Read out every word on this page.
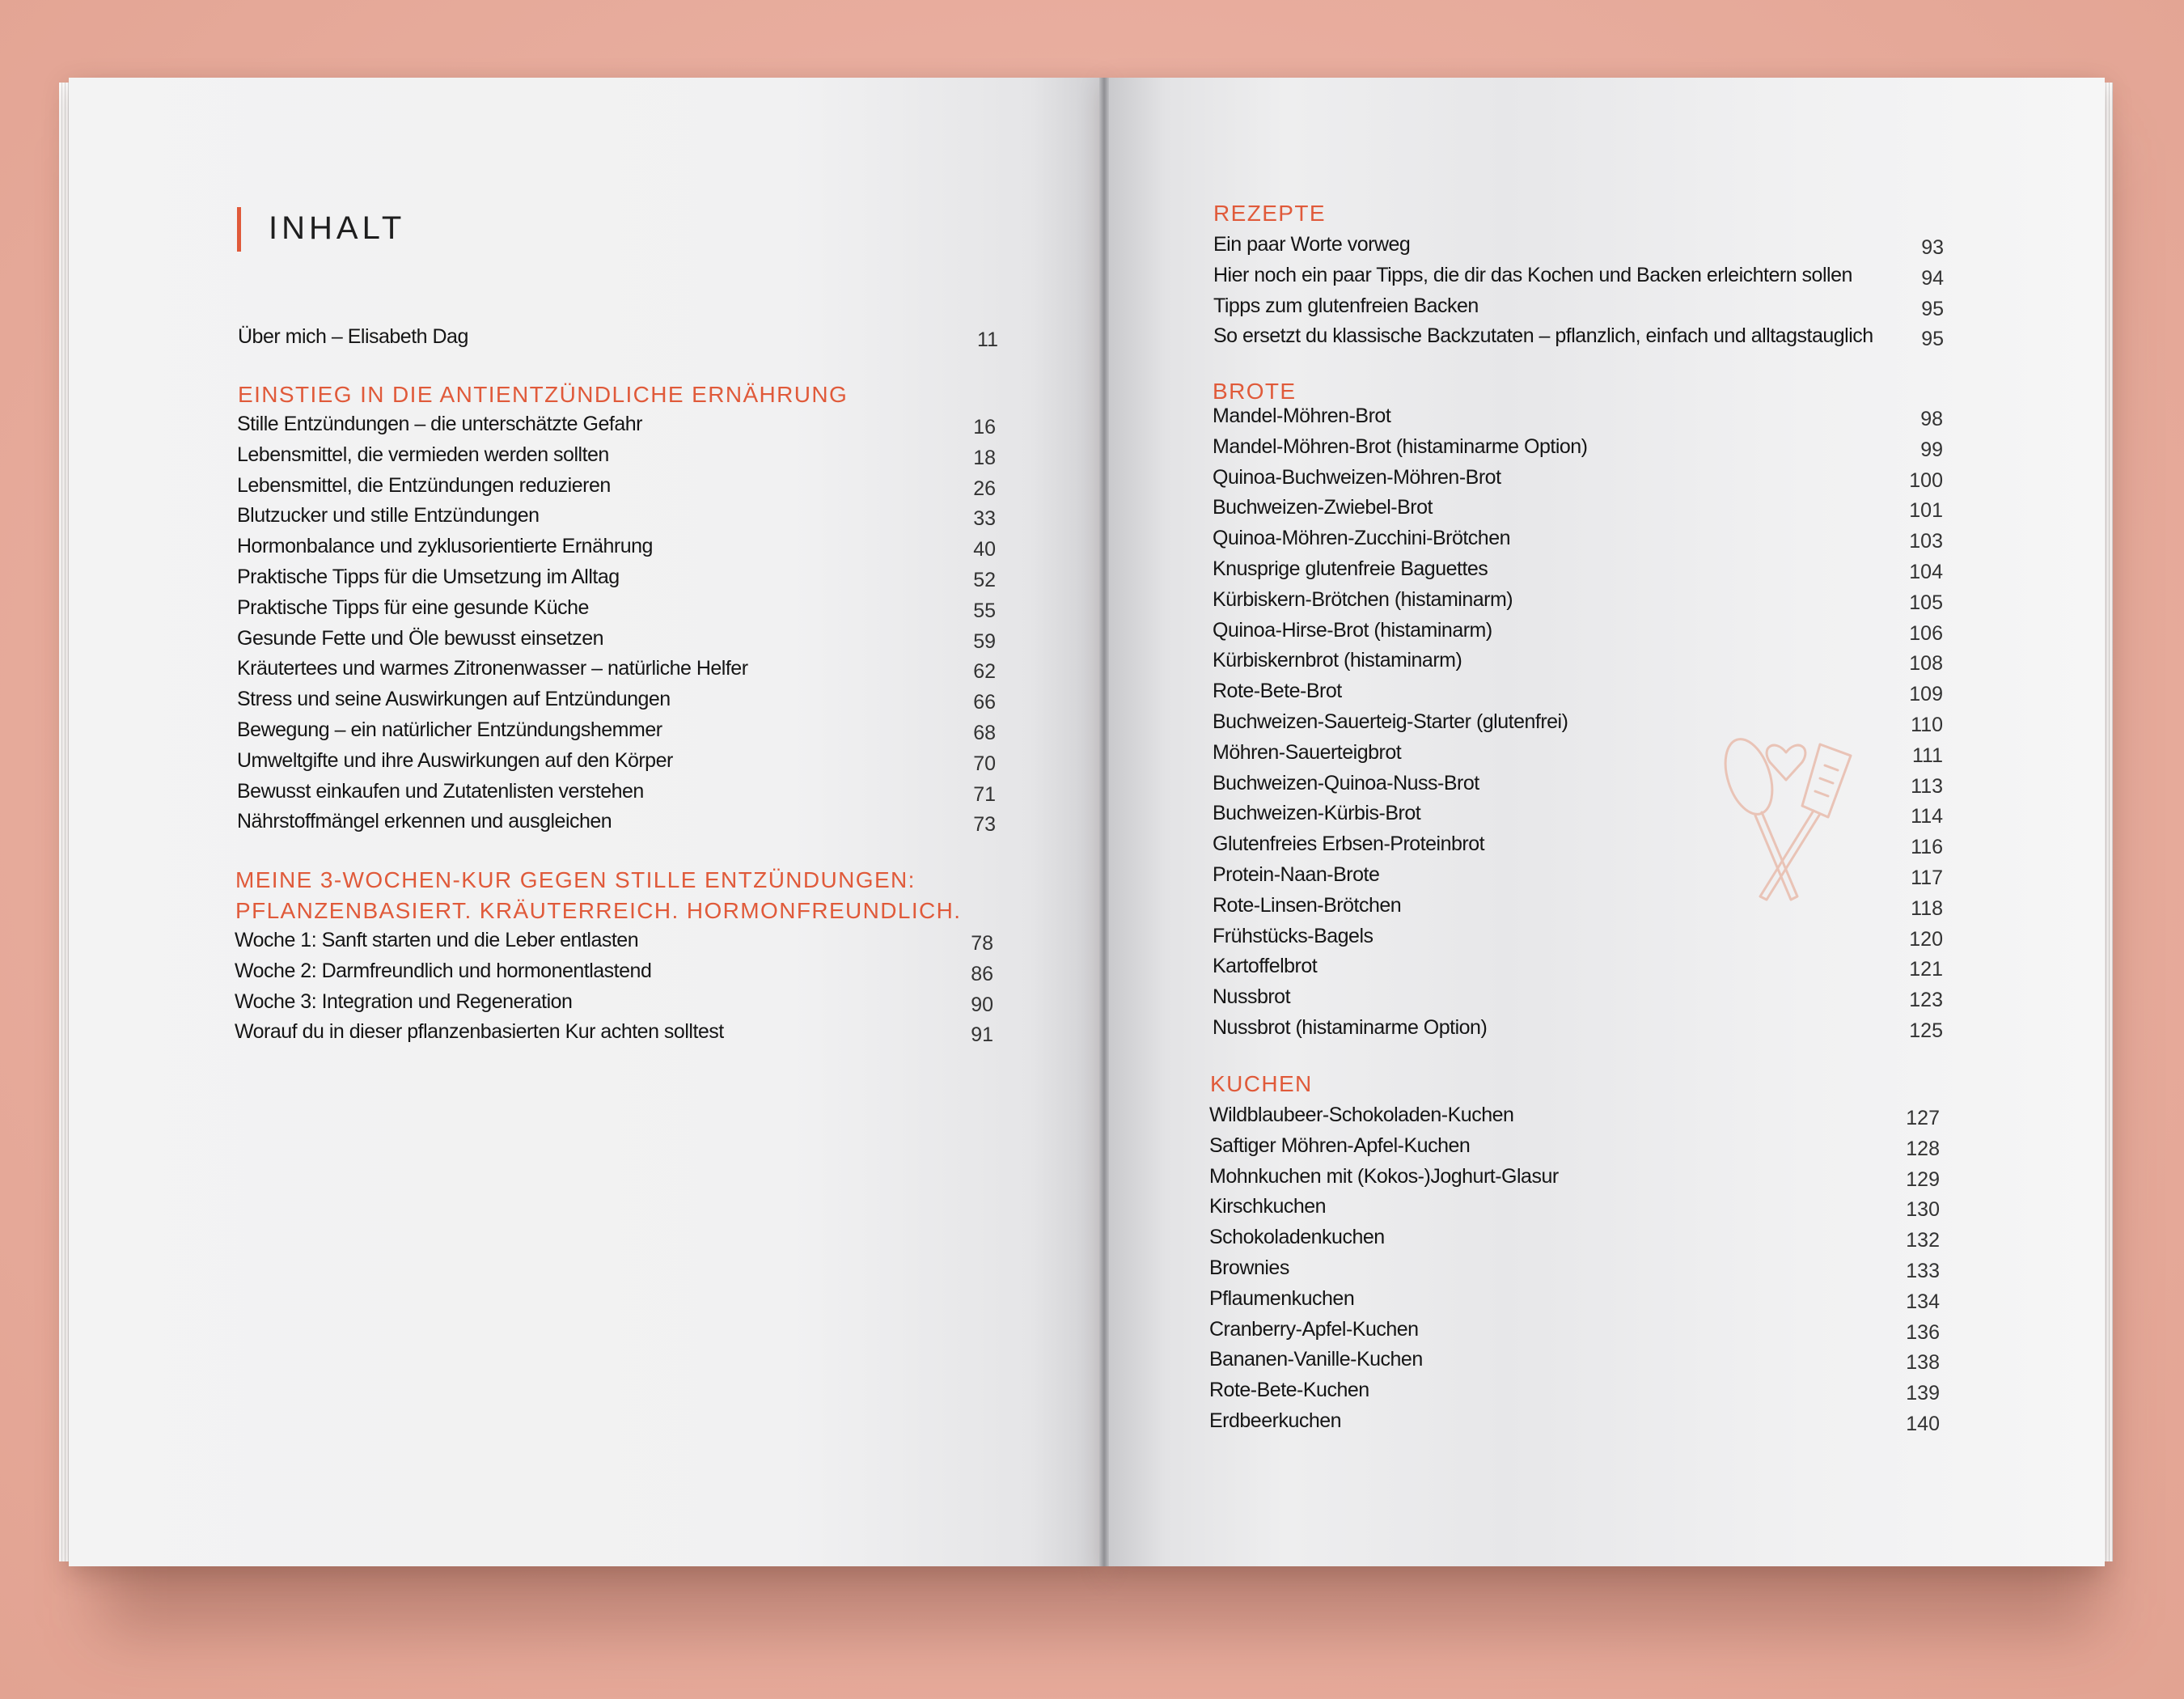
INHALT
Über mich – Elisabeth Dag	11
EINSTIEG IN DIE ANTIENTZÜNDLICHE ERNÄHRUNG
Stille Entzündungen – die unterschätzte Gefahr	16
Lebensmittel, die vermieden werden sollten	18
Lebensmittel, die Entzündungen reduzieren	26
Blutzucker und stille Entzündungen	33
Hormonbalance und zyklusorientierte Ernährung	40
Praktische Tipps für die Umsetzung im Alltag	52
Praktische Tipps für eine gesunde Küche	55
Gesunde Fette und Öle bewusst einsetzen	59
Kräutertees und warmes Zitronenwasser – natürliche Helfer	62
Stress und seine Auswirkungen auf Entzündungen	66
Bewegung – ein natürlicher Entzündungshemmer	68
Umweltgifte und ihre Auswirkungen auf den Körper	70
Bewusst einkaufen und Zutatenlisten verstehen	71
Nährstoffmängel erkennen und ausgleichen	73
MEINE 3-WOCHEN-KUR GEGEN STILLE ENTZÜNDUNGEN:
PFLANZENBASIERT. KRÄUTERREICH. HORMONFREUNDLICH.
Woche 1: Sanft starten und die Leber entlasten	78
Woche 2: Darmfreundlich und hormonentlastend	86
Woche 3: Integration und Regeneration	90
Worauf du in dieser pflanzenbasierten Kur achten solltest	91
REZEPTE
Ein paar Worte vorweg	93
Hier noch ein paar Tipps, die dir das Kochen und Backen erleichtern sollen	94
Tipps zum glutenfreien Backen	95
So ersetzt du klassische Backzutaten – pflanzlich, einfach und alltagstauglich 95
BROTE
Mandel-Möhren-Brot	98
Mandel-Möhren-Brot (histaminarme Option)	99
Quinoa-Buchweizen-Möhren-Brot	100
Buchweizen-Zwiebel-Brot	101
Quinoa-Möhren-Zucchini-Brötchen	103
Knusprige glutenfreie Baguettes	104
Kürbiskern-Brötchen (histaminarm)	105
Quinoa-Hirse-Brot (histaminarm)	106
Kürbiskernbrot (histaminarm)	108
Rote-Bete-Brot	109
Buchweizen-Sauerteig-Starter (glutenfrei)	110
Möhren-Sauerteigbrot	111
Buchweizen-Quinoa-Nuss-Brot	113
Buchweizen-Kürbis-Brot	114
Glutenfreies Erbsen-Proteinbrot	116
Protein-Naan-Brote	117
Rote-Linsen-Brötchen	118
Frühstücks-Bagels	120
Kartoffelbrot	121
Nussbrot	123
Nussbrot (histaminarme Option)	125
KUCHEN
Wildblaubeer-Schokoladen-Kuchen	127
Saftiger Möhren-Apfel-Kuchen	128
Mohnkuchen mit (Kokos-)Joghurt-Glasur	129
Kirschkuchen	130
Schokoladenkuchen	132
Brownies	133
Pflaumenkuchen	134
Cranberry-Apfel-Kuchen	136
Bananen-Vanille-Kuchen	138
Rote-Bete-Kuchen	139
Erdbeerkuchen	140
